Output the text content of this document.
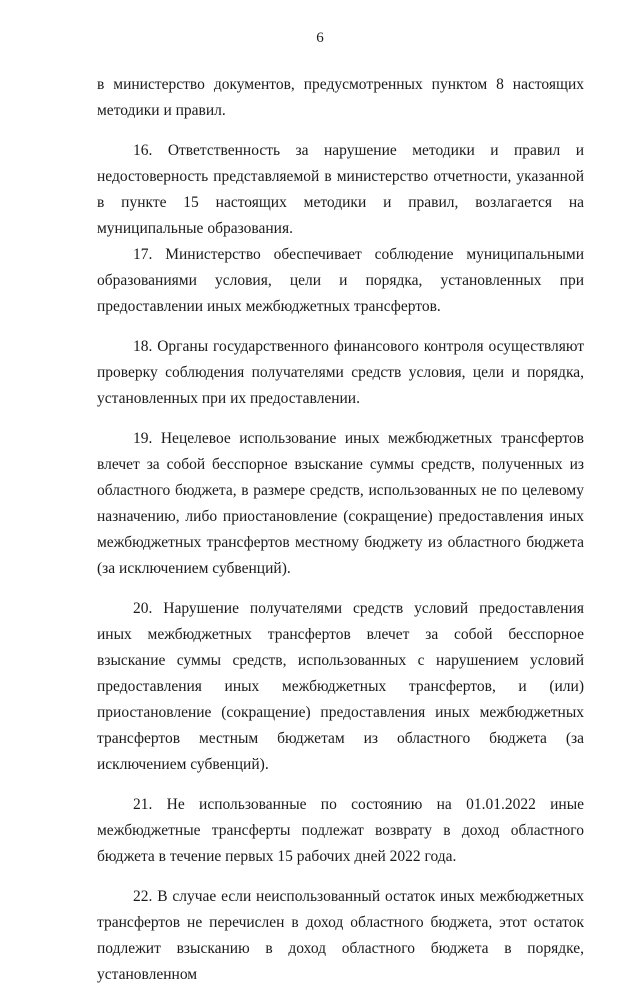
6

в министерство документов, предусмотренных пунктом 8 настоящих методики и правил.

16. Ответственность за нарушение методики и правил и недостоверность представляемой в министерство отчетности, указанной в пункте 15 настоящих методики и правил, возлагается на муниципальные образования.

17. Министерство обеспечивает соблюдение муниципальными образованиями условия, цели и порядка, установленных при предоставлении иных межбюджетных трансфертов.

18. Органы государственного финансового контроля осуществляют проверку соблюдения получателями средств условия, цели и порядка, установленных при их предоставлении.

19. Нецелевое использование иных межбюджетных трансфертов влечет за собой бесспорное взыскание суммы средств, полученных из областного бюджета, в размере средств, использованных не по целевому назначению, либо приостановление (сокращение) предоставления иных межбюджетных трансфертов местному бюджету из областного бюджета (за исключением субвенций).

20. Нарушение получателями средств условий предоставления иных межбюджетных трансфертов влечет за собой бесспорное взыскание суммы средств, использованных с нарушением условий предоставления иных межбюджетных трансфертов, и (или) приостановление (сокращение) предоставления иных межбюджетных трансфертов местным бюджетам из областного бюджета (за исключением субвенций).

21. Не использованные по состоянию на 01.01.2022 иные межбюджетные трансферты подлежат возврату в доход областного бюджета в течение первых 15 рабочих дней 2022 года.

22. В случае если неиспользованный остаток иных межбюджетных трансфертов не перечислен в доход областного бюджета, этот остаток подлежит взысканию в доход областного бюджета в порядке, установленном
